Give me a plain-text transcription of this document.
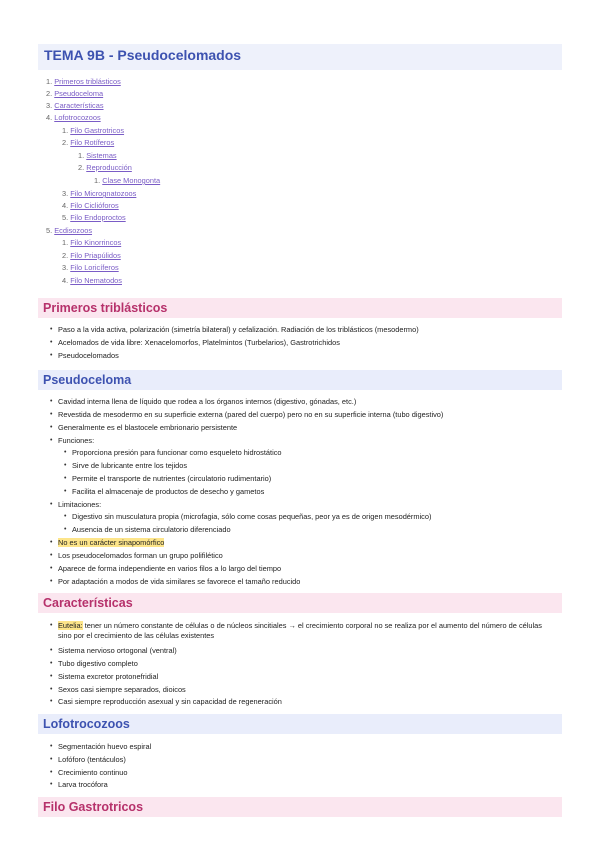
TEMA 9B - Pseudocelomados
1. Primeros triblásticos
2. Pseudoceloma
3. Características
4. Lofotrocozoos
1. Filo Gastrotricos
2. Filo Rotíferos
1. Sistemas
2. Reproducción
1. Clase Monogonta
3. Filo Micrognatozoos
4. Filo Ciclióforos
5. Filo Endoproctos
5. Ecdisozoos
1. Filo Kinorrincos
2. Filo Priapúlidos
3. Filo Loricíferos
4. Filo Nematodos
Primeros triblásticos
• Paso a la vida activa, polarización (simetría bilateral) y cefalización. Radiación de los triblásticos (mesodermo)
• Acelomados de vida libre: Xenacelomorfos, Platelmintos (Turbelarios), Gastrotrichidos
• Pseudocelomados
Pseudoceloma
• Cavidad interna llena de líquido que rodea a los órganos internos (digestivo, gónadas, etc.)
• Revestida de mesodermo en su superficie externa (pared del cuerpo) pero no en su superficie interna (tubo digestivo)
• Generalmente es el blastocele embrionario persistente
• Funciones:
• Proporciona presión para funcionar como esqueleto hidrostático
• Sirve de lubricante entre los tejidos
• Permite el transporte de nutrientes (circulatorio rudimentario)
• Facilita el almacenaje de productos de desecho y gametos
• Limitaciones:
• Digestivo sin musculatura propia (microfagia, sólo come cosas pequeñas, peor ya es de origen mesodérmico)
• Ausencia de un sistema circulatorio diferenciado
• No es un carácter sinapomórfico
• Los pseudocelomados forman un grupo polifilético
• Aparece de forma independiente en varios filos a lo largo del tiempo
• Por adaptación a modos de vida similares se favorece el tamaño reducido
Características
• Eutelia: tener un número constante de células o de núcleos sincitiales → el crecimiento corporal no se realiza por el aumento del número de células sino por el crecimiento de las células existentes
• Sistema nervioso ortogonal (ventral)
• Tubo digestivo completo
• Sistema excretor protonefridial
• Sexos casi siempre separados, dioicos
• Casi siempre reproducción asexual y sin capacidad de regeneración
Lofotrocozoos
• Segmentación huevo espiral
• Lofóforo (tentáculos)
• Crecimiento continuo
• Larva trocófora
Filo Gastrotricos
